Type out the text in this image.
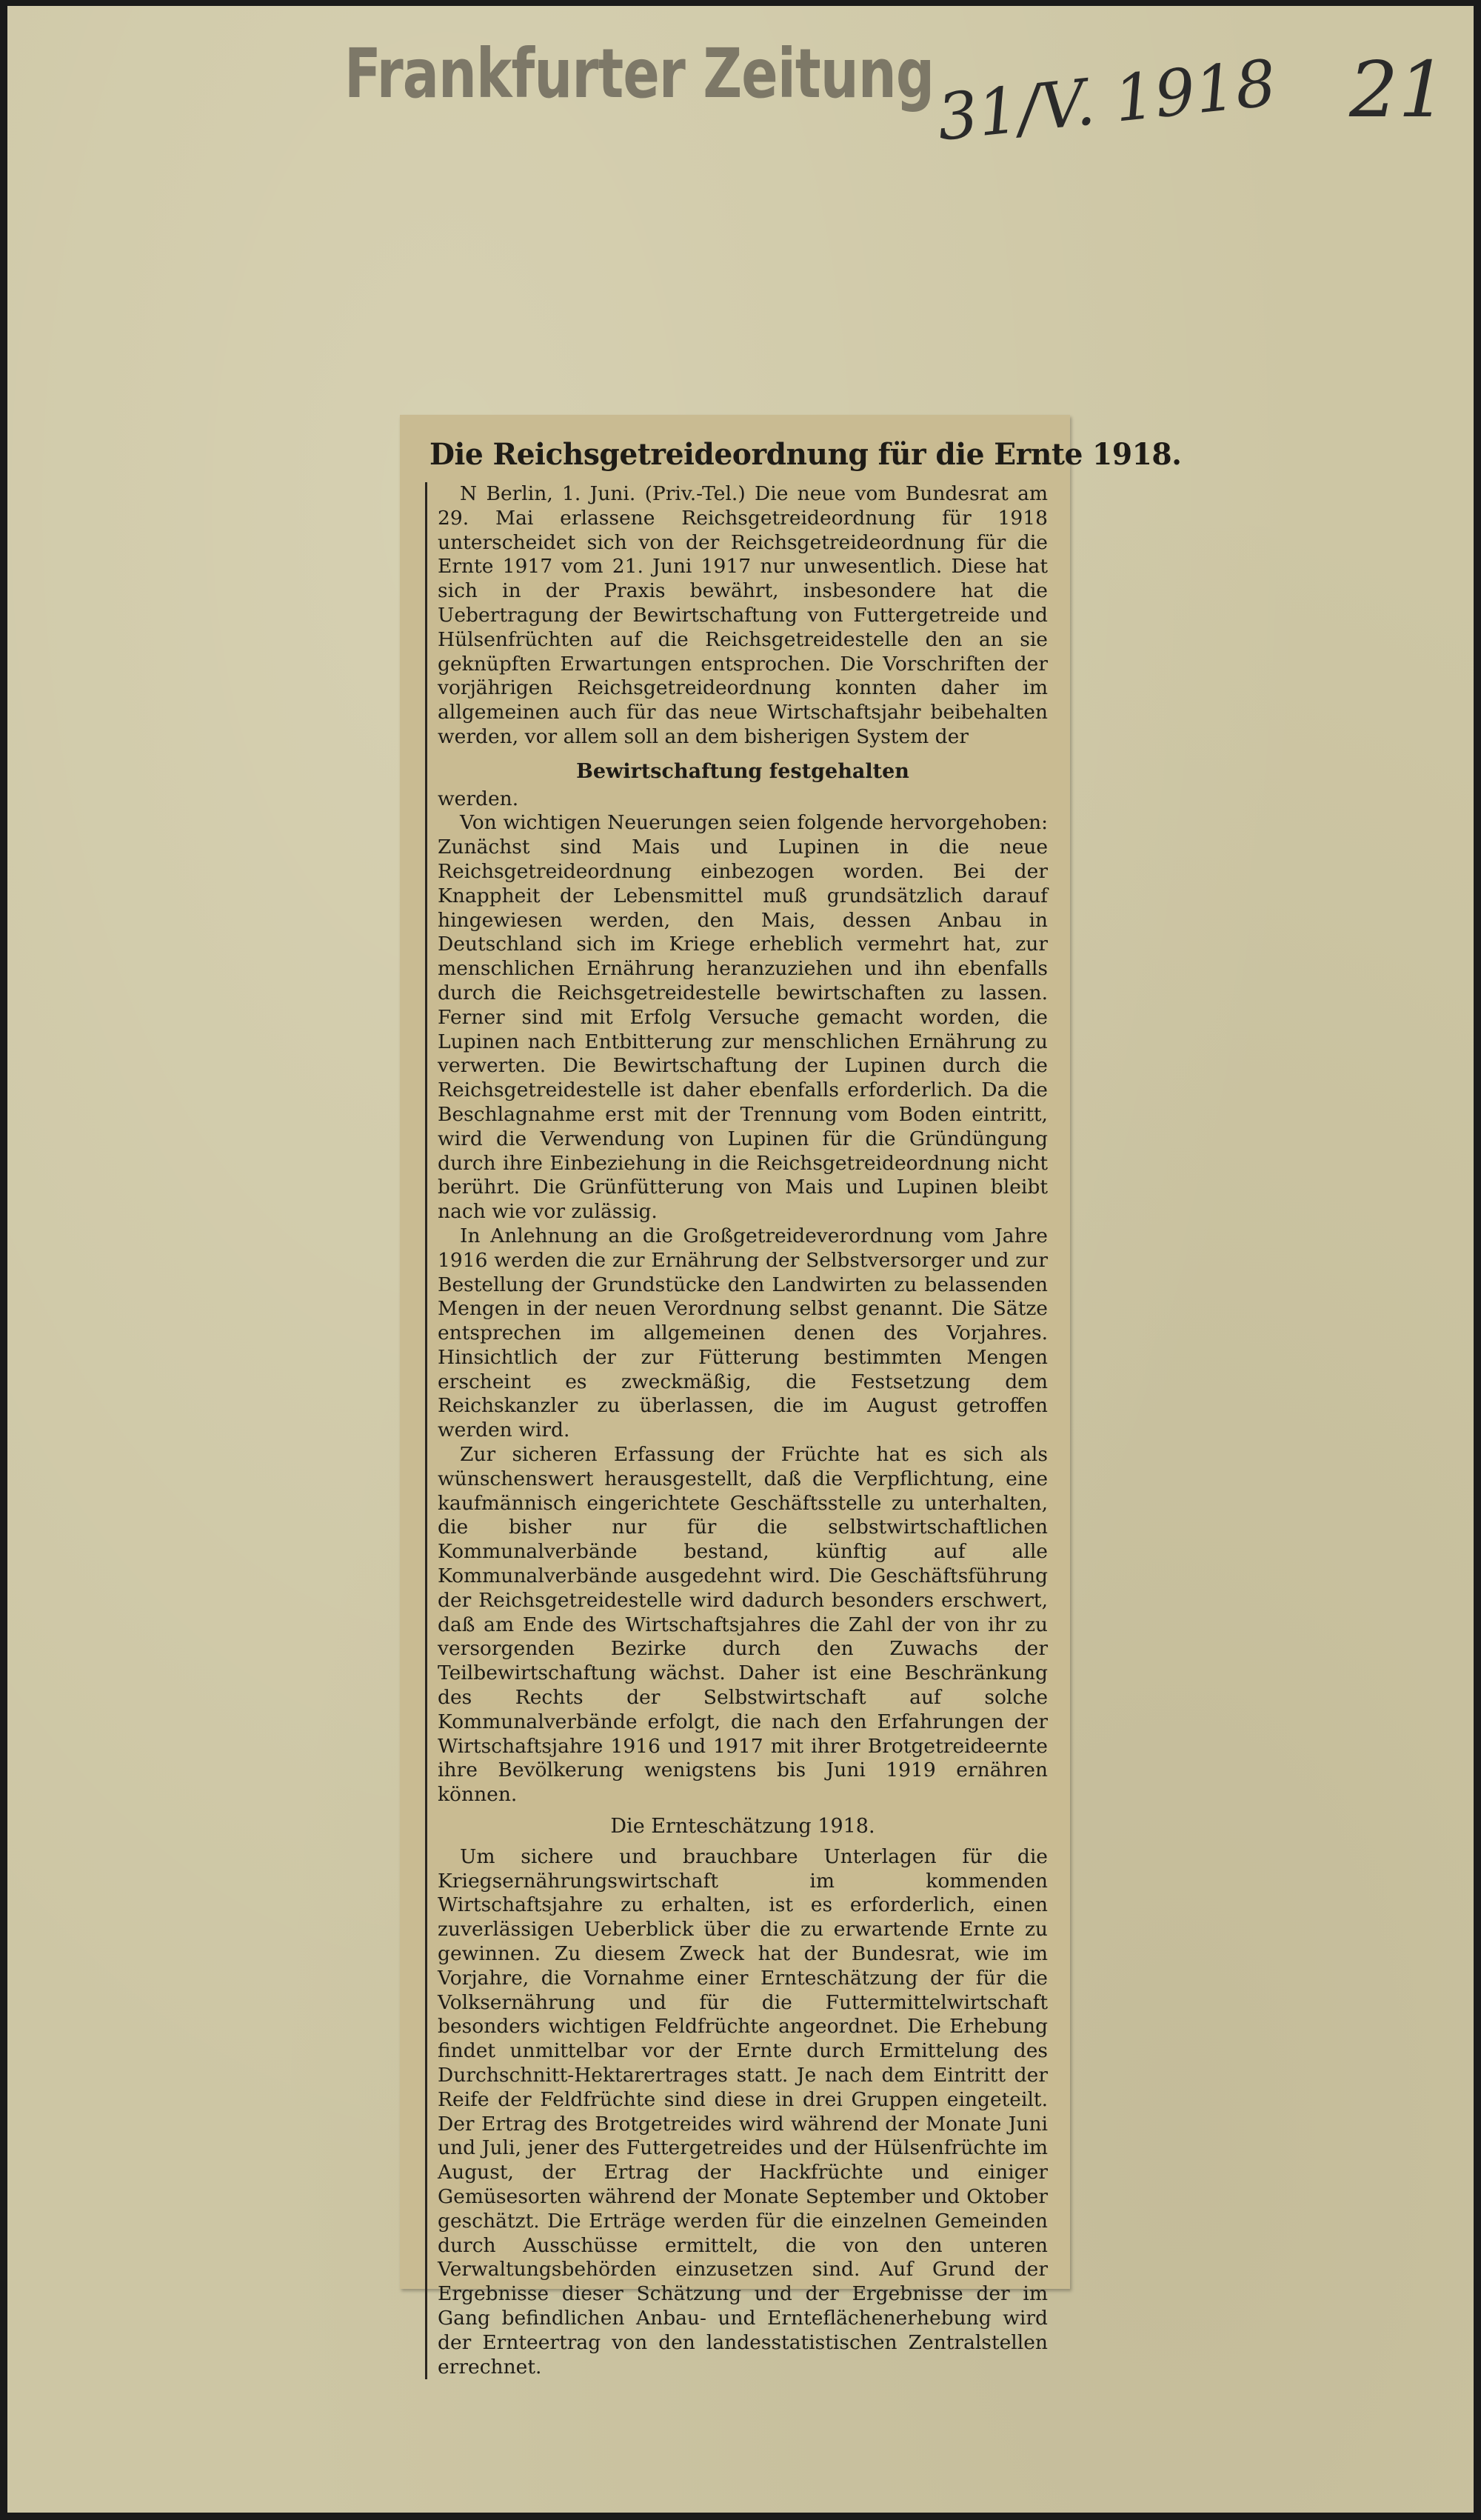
Frankfurter Zeitung 31/V. 1918 21
Die Reichsgetreideordnung für die Ernte 1918.

N Berlin, 1. Juni. (Priv.-Tel.) Die neue vom Bundesrat am 29. Mai erlassene Reichsgetreideordnung für 1918 unterscheidet sich von der Reichsgetreideordnung für die Ernte 1917 vom 21. Juni 1917 nur unwesentlich. Diese hat sich in der Praxis bewährt, insbesondere hat die Uebertragung der Bewirtschaftung von Futtergetreide und Hülsenfrüchten auf die Reichsgetreidestelle den an sie geknüpften Erwartungen entsprochen. Die Vorschriften der vorjährigen Reichsgetreideordnung konnten daher im allgemeinen auch für das neue Wirtschaftsjahr beibehalten werden, vor allem soll an dem bisherigen System der

Bewirtschaftung festgehalten

werden.

Von wichtigen Neuerungen seien folgende hervorgehoben: Zunächst sind Mais und Lupinen in die neue Reichsgetreideordnung einbezogen worden. Bei der Knappheit der Lebensmittel muß grundsätzlich darauf hingewiesen werden, den Mais, dessen Anbau in Deutschland sich im Kriege erheblich vermehrt hat, zur menschlichen Ernährung heranzuziehen und ihn ebenfalls durch die Reichsgetreidestelle bewirtschaften zu lassen. Ferner sind mit Erfolg Versuche gemacht worden, die Lupinen nach Entbitterung zur menschlichen Ernährung zu verwerten. Die Bewirtschaftung der Lupinen durch die Reichsgetreidestelle ist daher ebenfalls erforderlich. Da die Beschlagnahme erst mit der Trennung vom Boden eintritt, wird die Verwendung von Lupinen für die Gründüngung durch ihre Einbeziehung in die Reichsgetreideordnung nicht berührt. Die Grünfütterung von Mais und Lupinen bleibt nach wie vor zulässig.

In Anlehnung an die Großgetreideverordnung vom Jahre 1916 werden die zur Ernährung der Selbstversorger und zur Bestellung der Grundstücke den Landwirten zu belassenden Mengen in der neuen Verordnung selbst genannt. Die Sätze entsprechen im allgemeinen denen des Vorjahres. Hinsichtlich der zur Fütterung bestimmten Mengen erscheint es zweckmäßig, die Festsetzung dem Reichskanzler zu überlassen, die im August getroffen werden wird.

Zur sicheren Erfassung der Früchte hat es sich als wünschenswert herausgestellt, daß die Verpflichtung, eine kaufmännisch eingerichtete Geschäftsstelle zu unterhalten, die bisher nur für die selbstwirtschaftlichen Kommunalverbände bestand, künftig auf alle Kommunalverbände ausgedehnt wird. Die Geschäftsführung der Reichsgetreidestelle wird dadurch besonders erschwert, daß am Ende des Wirtschaftsjahres die Zahl der von ihr zu versorgenden Bezirke durch den Zuwachs der Teilbewirtschaftung wächst. Daher ist eine Beschränkung des Rechts der Selbstwirtschaft auf solche Kommunalverbände erfolgt, die nach den Erfahrungen der Wirtschaftsjahre 1916 und 1917 mit ihrer Brotgetreideernte ihre Bevölkerung wenigstens bis Juni 1919 ernähren können.

Die Ernteschätzung 1918.

Um sichere und brauchbare Unterlagen für die Kriegsernährungswirtschaft im kommenden Wirtschaftsjahre zu erhalten, ist es erforderlich, einen zuverlässigen Ueberblick über die zu erwartende Ernte zu gewinnen. Zu diesem Zweck hat der Bundesrat, wie im Vorjahre, die Vornahme einer Ernteschätzung der für die Volksernährung und für die Futtermittelwirtschaft besonders wichtigen Feldfrüchte angeordnet. Die Erhebung findet unmittelbar vor der Ernte durch Ermittelung des Durchschnitt-Hektarertrages statt. Je nach dem Eintritt der Reife der Feldfrüchte sind diese in drei Gruppen eingeteilt. Der Ertrag des Brotgetreides wird während der Monate Juni und Juli, jener des Futtergetreides und der Hülsenfrüchte im August, der Ertrag der Hackfrüchte und einiger Gemüsesorten während der Monate September und Oktober geschätzt. Die Erträge werden für die einzelnen Gemeinden durch Ausschüsse ermittelt, die von den unteren Verwaltungsbehörden einzusetzen sind. Auf Grund der Ergebnisse dieser Schätzung und der Ergebnisse der im Gang befindlichen Anbau- und Ernteflächenerhebung wird der Ernteertrag von den landesstatistischen Zentralstellen errechnet.
